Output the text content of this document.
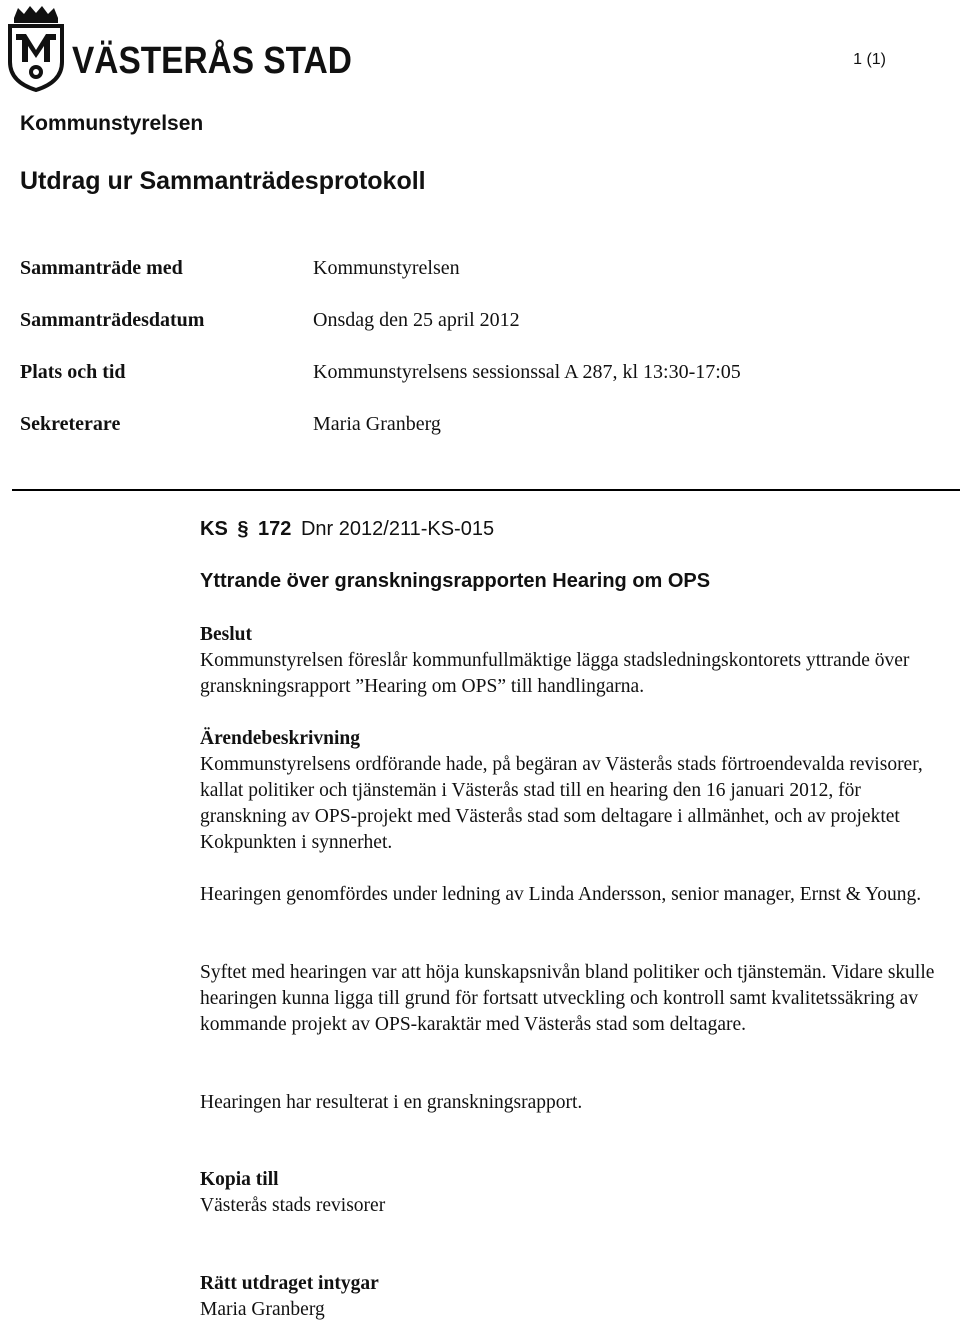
VÄSTERÅS STAD	1 (1)
Kommunstyrelsen
Utdrag ur Sammanträdesprotokoll
Sammanträde med	Kommunstyrelsen
Sammanträdesdatum	Onsdag den 25 april 2012
Plats och tid	Kommunstyrelsens sessionssal A 287, kl 13:30-17:05
Sekreterare	Maria Granberg
KS § 172 Dnr 2012/211-KS-015
Yttrande över granskningsrapporten Hearing om OPS
Beslut

Kommunstyrelsen föreslår kommunfullmäktige lägga stadsledningskontorets yttrande över granskningsrapport ”Hearing om OPS” till handlingarna.

Ärendebeskrivning

Kommunstyrelsens ordförande hade, på begäran av Västerås stads förtroendevalda revisorer, kallat politiker och tjänstemän i Västerås stad till en hearing den 16 januari 2012, för granskning av OPS-projekt med Västerås stad som deltagare i allmänhet, och av projektet Kokpunkten i synnerhet.

Hearingen genomfördes under ledning av Linda Andersson, senior manager, Ernst & Young.

Syftet med hearingen var att höja kunskapsnivån bland politiker och tjänstemän. Vidare skulle hearingen kunna ligga till grund för fortsatt utveckling och kontroll samt kvalitetssäkring av kommande projekt av OPS-karaktär med Västerås stad som deltagare.

Hearingen har resulterat i en granskningsrapport.

Kopia till

Västerås stads revisorer

Rätt utdraget intygar

Maria Granberg
